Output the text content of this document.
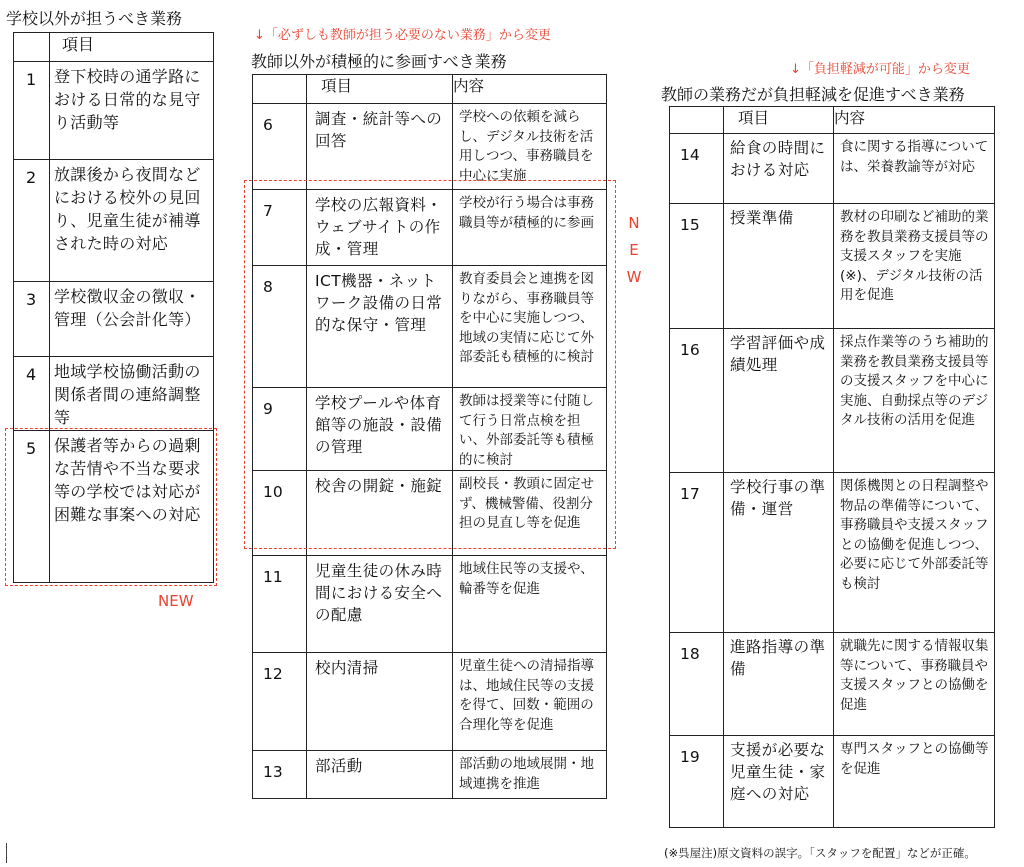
学校以外が担うべき業務
	項目
1	登下校時の通学路における日常的な見守り活動等
2	放課後から夜間などにおける校外の見回り、児童生徒が補導された時の対応
3	学校徴収金の徴収・管理（公会計化等）
4	地域学校協働活動の関係者間の連絡調整等
5	保護者等からの過剰な苦情や不当な要求等の学校では対応が困難な事案への対応
NEW
↓「必ずしも教師が担う必要のない業務」から変更
教師以外が積極的に参画すべき業務
	項目	内容
6	調査・統計等への回答	学校への依頼を減らし、デジタル技術を活用しつつ、事務職員を中心に実施
7	学校の広報資料・ウェブサイトの作成・管理	学校が行う場合は事務職員等が積極的に参画
8	ICT機器・ネットワーク設備の日常的な保守・管理	教育委員会と連携を図りながら、事務職員等を中心に実施しつつ、地域の実情に応じて外部委託も積極的に検討
9	学校プールや体育館等の施設・設備の管理	教師は授業等に付随して行う日常点検を担い、外部委託等も積極的に検討
10	校舎の開錠・施錠	副校長・教頭に固定せず、機械警備、役割分担の見直し等を促進
11	児童生徒の休み時間における安全への配慮	地域住民等の支援や、輪番等を促進
12	校内清掃	児童生徒への清掃指導は、地域住民等の支援を得て、回数・範囲の合理化等を促進
13	部活動	部活動の地域展開・地域連携を推進
NEW
↓「負担軽減が可能」から変更
教師の業務だが負担軽減を促進すべき業務
	項目	内容
14	給食の時間における対応	食に関する指導については、栄養教諭等が対応
15	授業準備	教材の印刷など補助的業務を教員業務支援員等の支援スタッフを実施(※)、デジタル技術の活用を促進
16	学習評価や成績処理	採点作業等のうち補助的業務を教員業務支援員等の支援スタッフを中心に実施、自動採点等のデジタル技術の活用を促進
17	学校行事の準備・運営	関係機関との日程調整や物品の準備等について、事務職員や支援スタッフとの協働を促進しつつ、必要に応じて外部委託等も検討
18	進路指導の準備	就職先に関する情報収集等について、事務職員や支援スタッフとの協働を促進
19	支援が必要な児童生徒・家庭への対応	専門スタッフとの協働等を促進
(※呉屋注)原文資料の誤字。「スタッフを配置」などが正確。
